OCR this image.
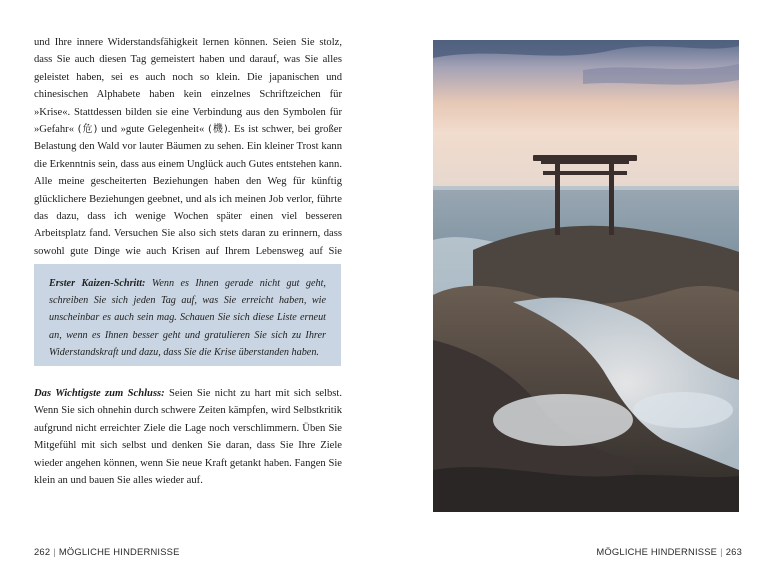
und Ihre innere Widerstandsfähigkeit lernen können. Seien Sie stolz, dass Sie auch diesen Tag gemeistert haben und darauf, was Sie alles geleistet haben, sei es auch noch so klein. Die japanischen und chinesischen Alphabete haben kein einzelnes Schriftzeichen für »Krise«. Stattdessen bilden sie eine Verbindung aus den Symbolen für »Gefahr« (危) und »gute Gelegenheit« (機). Es ist schwer, bei großer Belastung den Wald vor lauter Bäumen zu sehen. Ein kleiner Trost kann die Erkenntnis sein, dass aus einem Unglück auch Gutes entstehen kann. Alle meine gescheiterten Beziehungen haben den Weg für künftig glücklichere Beziehungen geebnet, und als ich meinen Job verlor, führte das dazu, dass ich wenige Wochen später einen viel besseren Arbeitsplatz fand. Versuchen Sie also sich stets daran zu erinnern, dass sowohl gute Dinge wie auch Krisen auf Ihrem Lebensweg auf Sie

Erster Kaizen-Schritt: Wenn es Ihnen gerade nicht gut geht, schreiben Sie sich jeden Tag auf, was Sie erreicht haben, wie unscheinbar es auch sein mag. Schauen Sie sich diese Liste erneut an, wenn es Ihnen besser geht und gratulieren Sie sich zu Ihrer Widerstandskraft und dazu, dass Sie die Krise überstanden haben.

Das Wichtigste zum Schluss: Seien Sie nicht zu hart mit sich selbst. Wenn Sie sich ohnehin durch schwere Zeiten kämpfen, wird Selbstkritik aufgrund nicht erreichter Ziele die Lage noch verschlimmern. Üben Sie Mitgefühl mit sich selbst und denken Sie daran, dass Sie Ihre Ziele wieder angehen können, wenn Sie neue Kraft getankt haben. Fangen Sie klein an und bauen Sie alles wieder auf.

262 | MÖGLICHE HINDERNISSE	MÖGLICHE HINDERNISSE | 263
